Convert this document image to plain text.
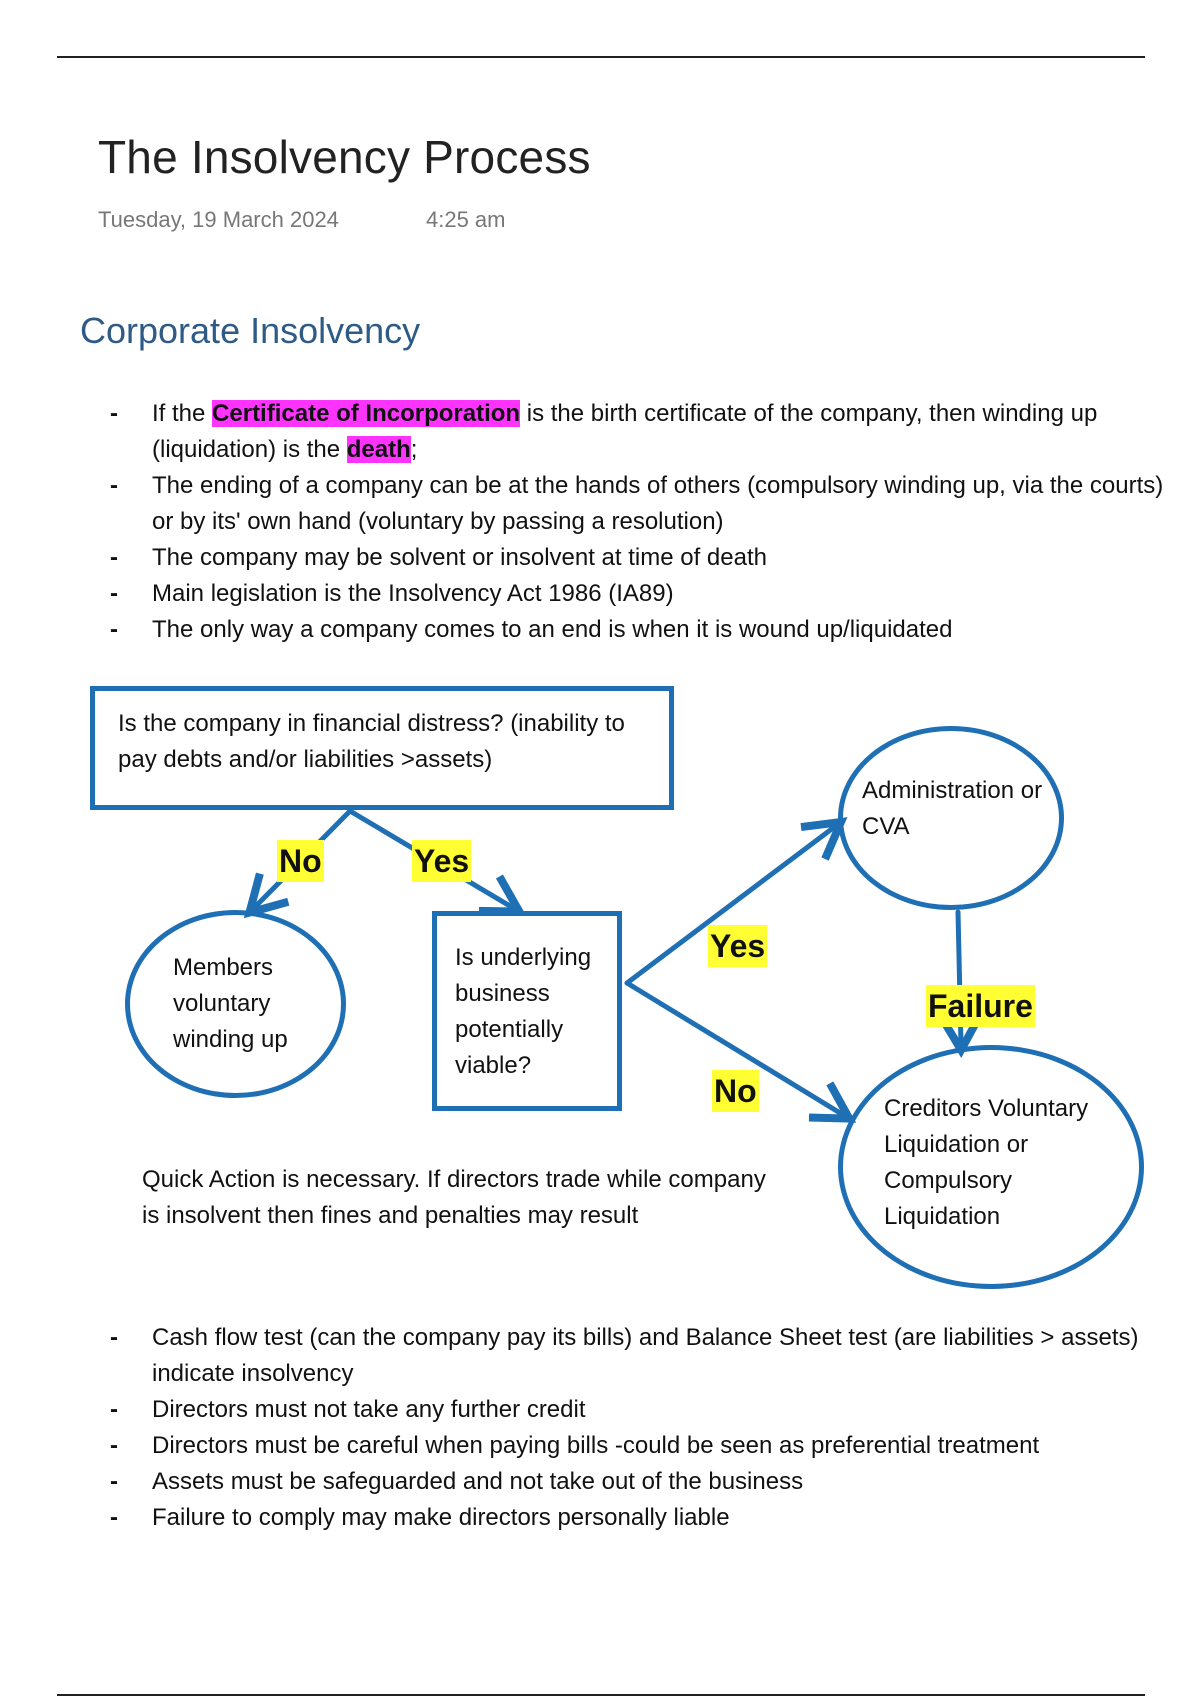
The Insolvency Process
Tuesday, 19 March 2024	4:25 am
Corporate Insolvency
- If the Certificate of Incorporation is the birth certificate of the company, then winding up (liquidation) is the death;
- The ending of a company can be at the hands of others (compulsory winding up, via the courts) or by its' own hand (voluntary by passing a resolution)
- The company may be solvent or insolvent at time of death
- Main legislation is the Insolvency Act 1986 (IA89)
- The only way a company comes to an end is when it is wound up/liquidated
Is the company in financial distress? (inability to pay debts and/or liabilities >assets)
Members voluntary winding up
Is underlying business potentially viable?
Administration or CVA
Creditors Voluntary Liquidation or Compulsory Liquidation
No	Yes
Yes
No
Failure
Quick Action is necessary. If directors trade while company is insolvent then fines and penalties may result
- Cash flow test (can the company pay its bills) and Balance Sheet test (are liabilities > assets) indicate insolvency
- Directors must not take any further credit
- Directors must be careful when paying bills -could be seen as preferential treatment
- Assets must be safeguarded and not take out of the business
- Failure to comply may make directors personally liable
